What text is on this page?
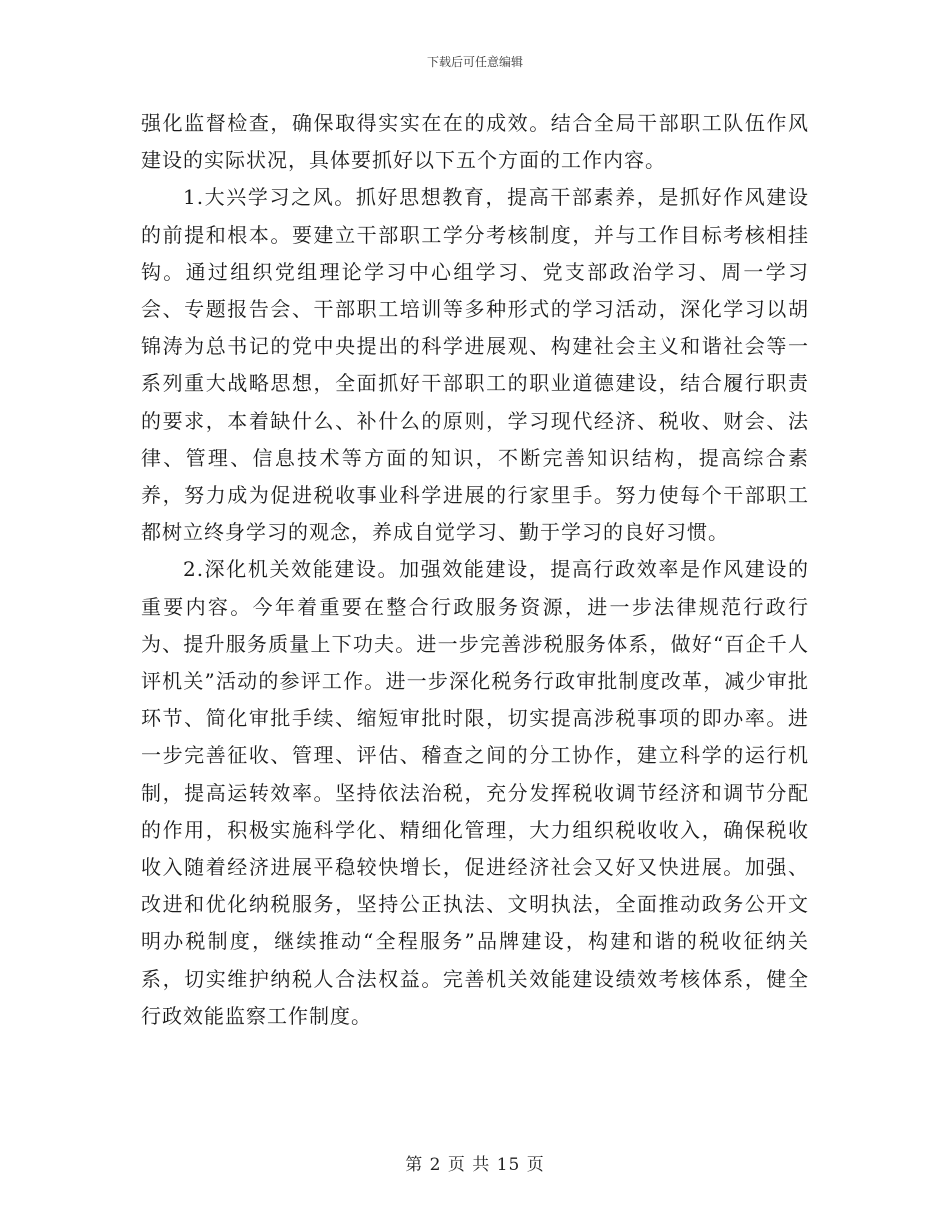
下载后可任意编辑

强化监督检查，确保取得实实在在的成效。结合全局干部职工队伍作风建设的实际状况，具体要抓好以下五个方面的工作内容。

1.大兴学习之风。抓好思想教育，提高干部素养，是抓好作风建设的前提和根本。要建立干部职工学分考核制度，并与工作目标考核相挂钩。通过组织党组理论学习中心组学习、党支部政治学习、周一学习会、专题报告会、干部职工培训等多种形式的学习活动，深化学习以胡锦涛为总书记的党中央提出的科学进展观、构建社会主义和谐社会等一系列重大战略思想，全面抓好干部职工的职业道德建设，结合履行职责的要求，本着缺什么、补什么的原则，学习现代经济、税收、财会、法律、管理、信息技术等方面的知识，不断完善知识结构，提高综合素养，努力成为促进税收事业科学进展的行家里手。努力使每个干部职工都树立终身学习的观念，养成自觉学习、勤于学习的良好习惯。

2.深化机关效能建设。加强效能建设，提高行政效率是作风建设的重要内容。今年着重要在整合行政服务资源，进一步法律规范行政行为、提升服务质量上下功夫。进一步完善涉税服务体系，做好“百企千人评机关”活动的参评工作。进一步深化税务行政审批制度改革，减少审批环节、简化审批手续、缩短审批时限，切实提高涉税事项的即办率。进一步完善征收、管理、评估、稽查之间的分工协作，建立科学的运行机制，提高运转效率。坚持依法治税，充分发挥税收调节经济和调节分配的作用，积极实施科学化、精细化管理，大力组织税收收入，确保税收收入随着经济进展平稳较快增长，促进经济社会又好又快进展。加强、改进和优化纳税服务，坚持公正执法、文明执法，全面推动政务公开文明办税制度，继续推动“全程服务”品牌建设，构建和谐的税收征纳关系，切实维护纳税人合法权益。完善机关效能建设绩效考核体系，健全行政效能监察工作制度。

第 2 页 共 15 页
